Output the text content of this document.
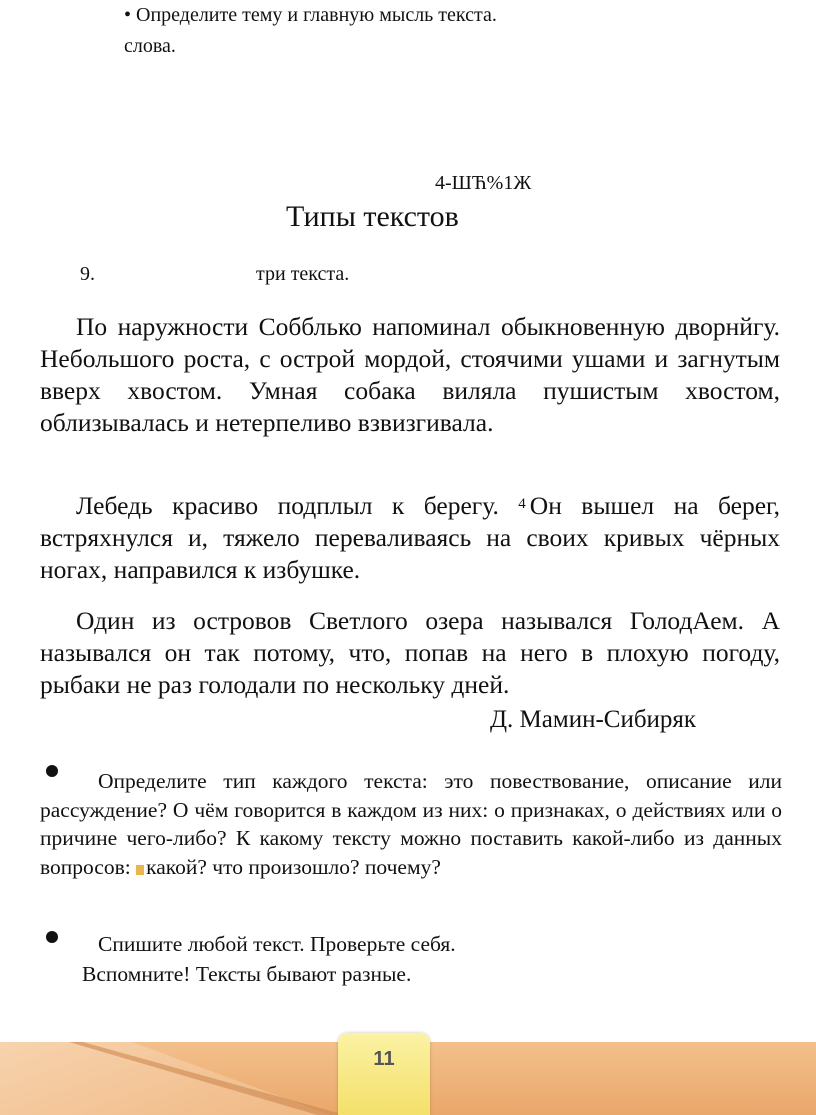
• Определите тему и главную мысль текста.
слова.
4-ШЋ%1Ж
Типы текстов
9.	три текста.
По наружности Собблько напоминал обыкновенную дворнйгу. Небольшого роста, с острой мордой, стоячими ушами и загнутым вверх хвостом. Умная собака виляла пушистым хвостом, облизывалась и нетерпеливо взвизгивала.
Лебедь красиво подплыл к берегу. $^4$ Он вышел на берег, встряхнулся и, тяжело переваливаясь на своих кривых чёрных ногах, направился к избушке.
Один из островов Светлого озера назывался ГолодАем. А назывался он так потому, что, попав на него в плохую погоду, рыбаки не раз голодали по нескольку дней.
Д. Мамин-Сибиряк
Определите тип каждого текста: это повествование, описание или рассуждение? О чём говорится в каждом из них: о признаках, о действиях или о причине чего-либо? К какому тексту можно поставить какой-либо из данных вопросов: какой? что произошло? почему?
Спишите любой текст. Проверьте себя.
Вспомните! Тексты бывают разные.
11
